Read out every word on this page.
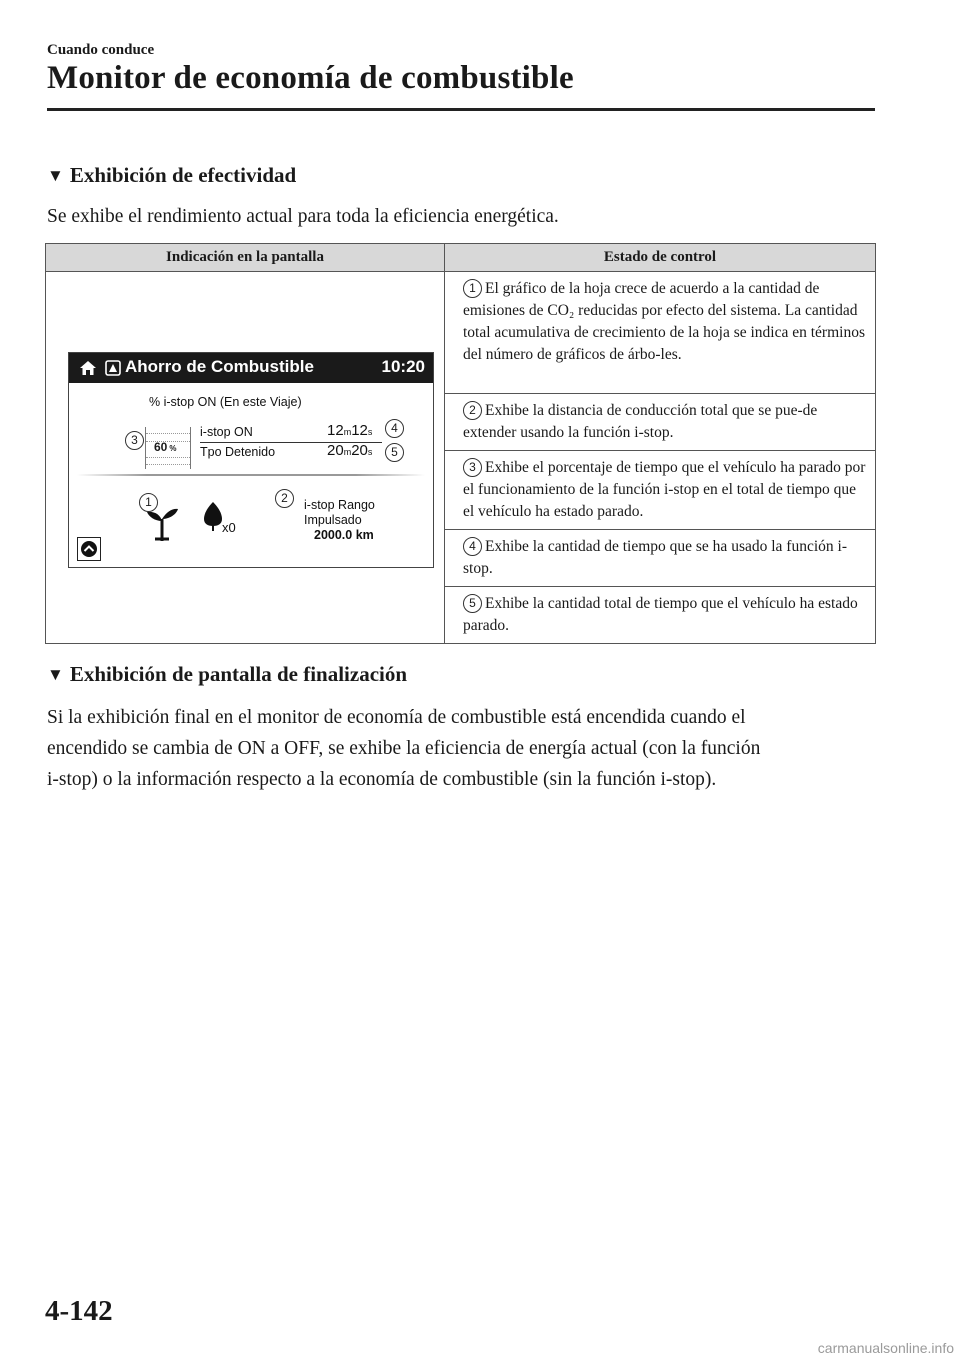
Cuando conduce
Monitor de economía de combustible
▼ Exhibición de efectividad
Se exhibe el rendimiento actual para toda la eficiencia energética.
Indicación en la pantalla	Estado de control
	1 El gráfico de la hoja crece de acuerdo a la cantidad de emisiones de CO₂ reducidas por efecto del sistema. La cantidad total acumulativa de crecimiento de la hoja se indica en términos del número de gráficos de árbo-les.
	2 Exhibe la distancia de conducción total que se pue-de extender usando la función i-stop.
	3 Exhibe el porcentaje de tiempo que el vehículo ha parado por el funcionamiento de la función i-stop en el total de tiempo que el vehículo ha estado parado.
	4 Exhibe la cantidad de tiempo que se ha usado la función i-stop.
	5 Exhibe la cantidad total de tiempo que el vehículo ha estado parado.
Ahorro de Combustible	10:20
% i-stop ON (En este Viaje)
60 %
i-stop ON	12m12s
Tpo Detenido	20m20s
x0
i-stop Rango
Impulsado
2000.0 km
3
4
5
1	2
▼ Exhibición de pantalla de finalización
Si la exhibición final en el monitor de economía de combustible está encendida cuando el
encendido se cambia de ON a OFF, se exhibe la eficiencia de energía actual (con la función
i-stop) o la información respecto a la economía de combustible (sin la función i-stop).
4-142
carmanualsonline.info
